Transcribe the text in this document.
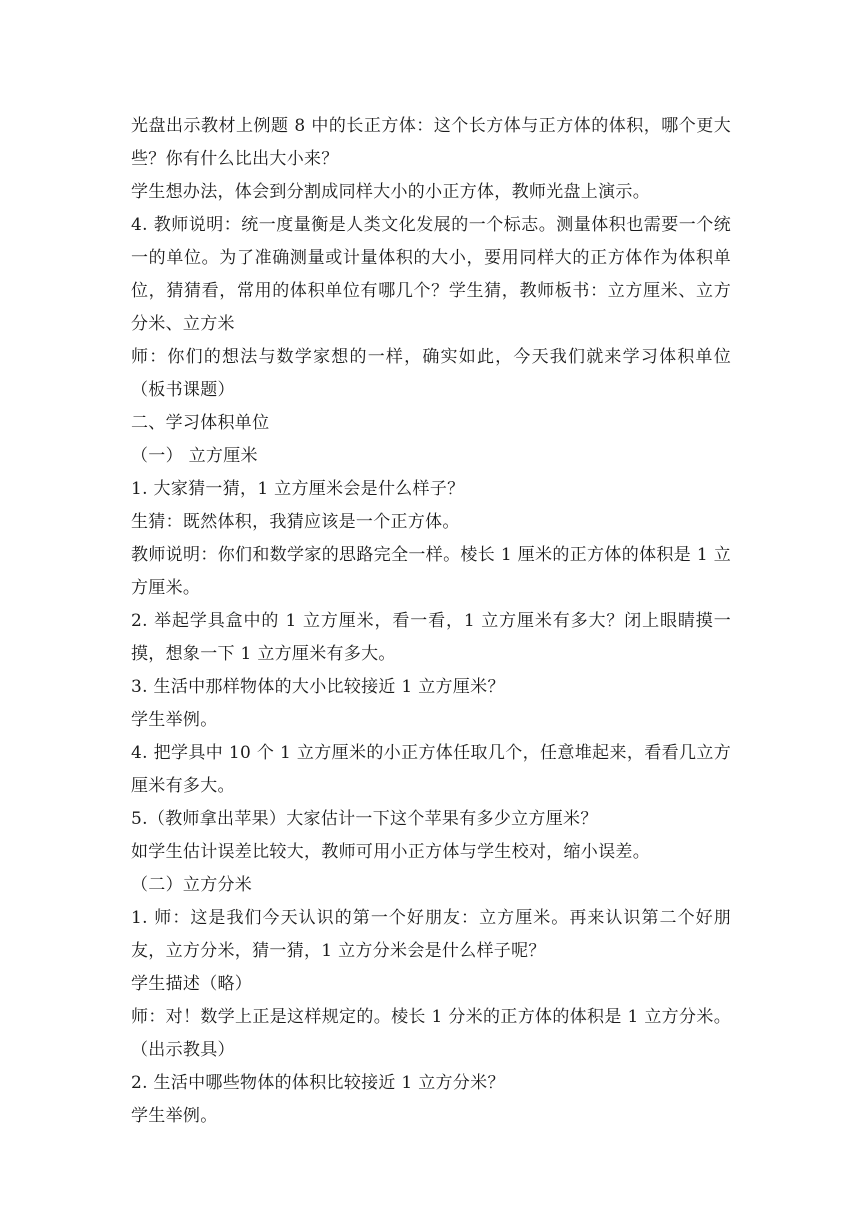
光盘出示教材上例题 8 中的长正方体：这个长方体与正方体的体积，哪个更大些？你有什么比出大小来？

学生想办法，体会到分割成同样大小的小正方体，教师光盘上演示。

4. 教师说明：统一度量衡是人类文化发展的一个标志。测量体积也需要一个统一的单位。为了准确测量或计量体积的大小，要用同样大的正方体作为体积单位，猜猜看，常用的体积单位有哪几个？学生猜，教师板书：立方厘米、立方分米、立方米

师：你们的想法与数学家想的一样，确实如此，今天我们就来学习体积单位（板书课题）

二、学习体积单位

（一） 立方厘米

1. 大家猜一猜，1 立方厘米会是什么样子？

生猜：既然体积，我猜应该是一个正方体。

教师说明：你们和数学家的思路完全一样。棱长 1 厘米的正方体的体积是 1 立方厘米。

2. 举起学具盒中的 1 立方厘米，看一看，1 立方厘米有多大？闭上眼睛摸一摸，想象一下 1 立方厘米有多大。

3. 生活中那样物体的大小比较接近 1 立方厘米？

学生举例。

4. 把学具中 10 个 1 立方厘米的小正方体任取几个，任意堆起来，看看几立方厘米有多大。

5.（教师拿出苹果）大家估计一下这个苹果有多少立方厘米？

如学生估计误差比较大，教师可用小正方体与学生校对，缩小误差。

（二）立方分米

1. 师：这是我们今天认识的第一个好朋友：立方厘米。再来认识第二个好朋友，立方分米，猜一猜，1 立方分米会是什么样子呢？

学生描述（略）

师：对！数学上正是这样规定的。棱长 1 分米的正方体的体积是 1 立方分米。（出示教具）

2. 生活中哪些物体的体积比较接近 1 立方分米？

学生举例。
